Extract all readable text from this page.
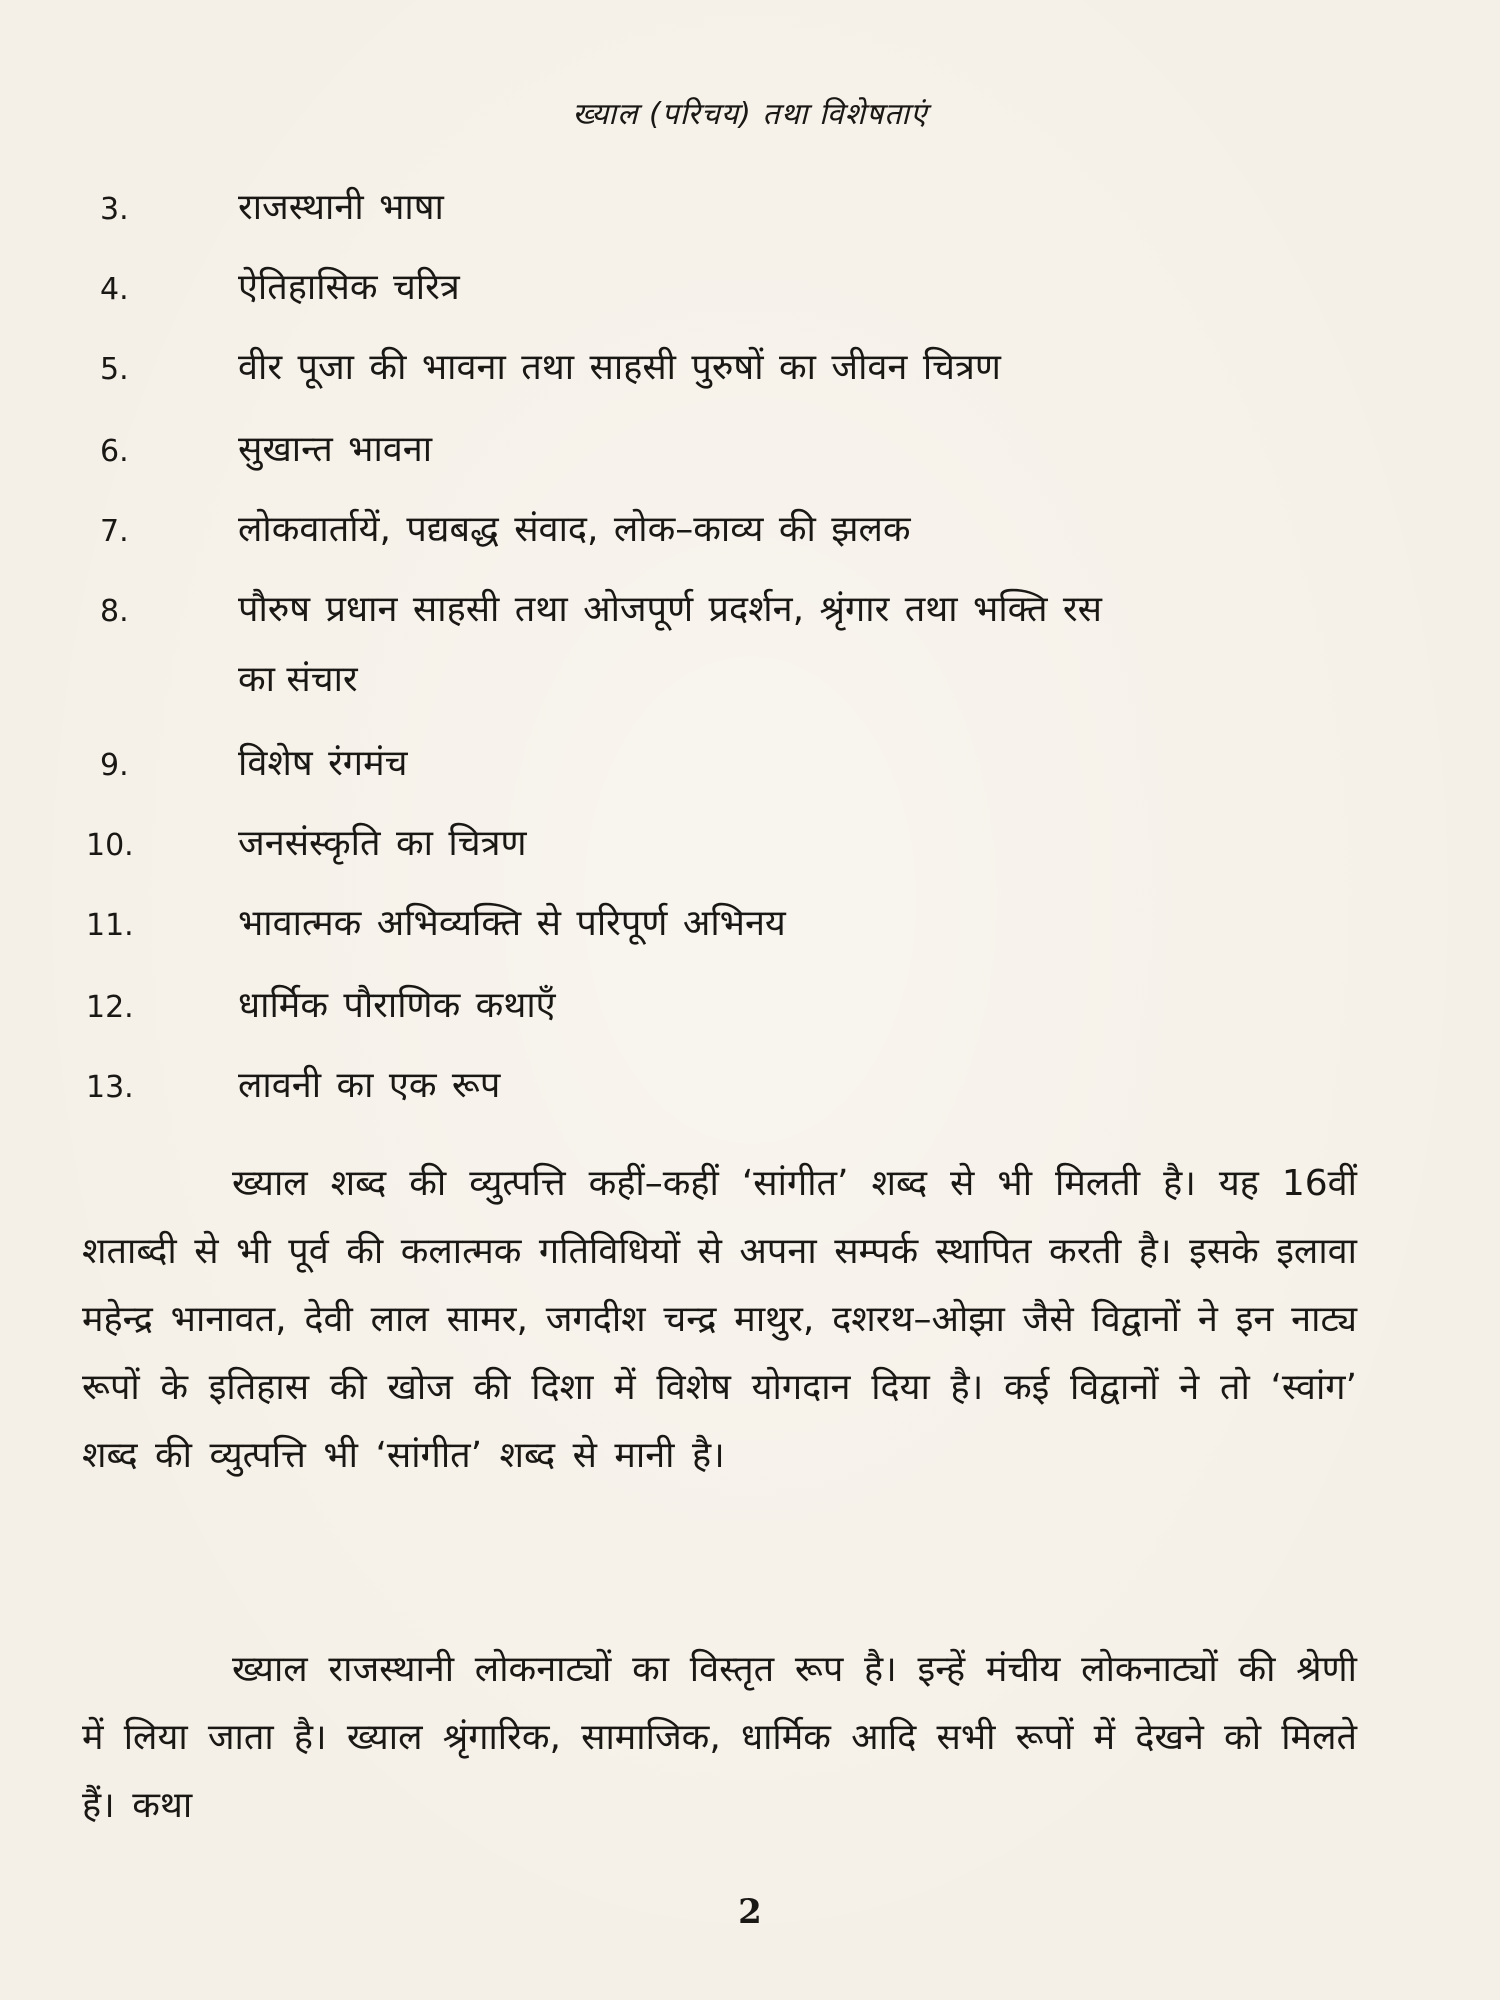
ख्याल (परिचय) तथा विशेषताएं
3.	राजस्थानी भाषा
4.	ऐतिहासिक चरित्र
5.	वीर पूजा की भावना तथा साहसी पुरुषों का जीवन चित्रण
6.	सुखान्त भावना
7.	लोकवार्तायें, पद्यबद्ध संवाद, लोक–काव्य की झलक
8.	पौरुष प्रधान साहसी तथा ओजपूर्ण प्रदर्शन, श्रृंगार तथा भक्ति रस
का संचार
9.	विशेष रंगमंच
10.	जनसंस्कृति का चित्रण
11.	भावात्मक अभिव्यक्ति से परिपूर्ण अभिनय
12.	धार्मिक पौराणिक कथाएँ
13.	लावनी का एक रूप
ख्याल शब्द की व्युत्पत्ति कहीं–कहीं ‘सांगीत’ शब्द से भी मिलती है। यह 16वीं शताब्दी से भी पूर्व की कलात्मक गतिविधियों से अपना सम्पर्क स्थापित करती है। इसके इलावा महेन्द्र भानावत, देवी लाल सामर, जगदीश चन्द्र माथुर, दशरथ–ओझा जैसे विद्वानों ने इन नाट्य रूपों के इतिहास की खोज की दिशा में विशेष योगदान दिया है। कई विद्वानों ने तो ‘स्वांग’ शब्द की व्युत्पत्ति भी ‘सांगीत’ शब्द से मानी है।
ख्याल राजस्थानी लोकनाट्यों का विस्तृत रूप है। इन्हें मंचीय लोकनाट्यों की श्रेणी में लिया जाता है। ख्याल श्रृंगारिक, सामाजिक, धार्मिक आदि सभी रूपों में देखने को मिलते हैं। कथा
2
